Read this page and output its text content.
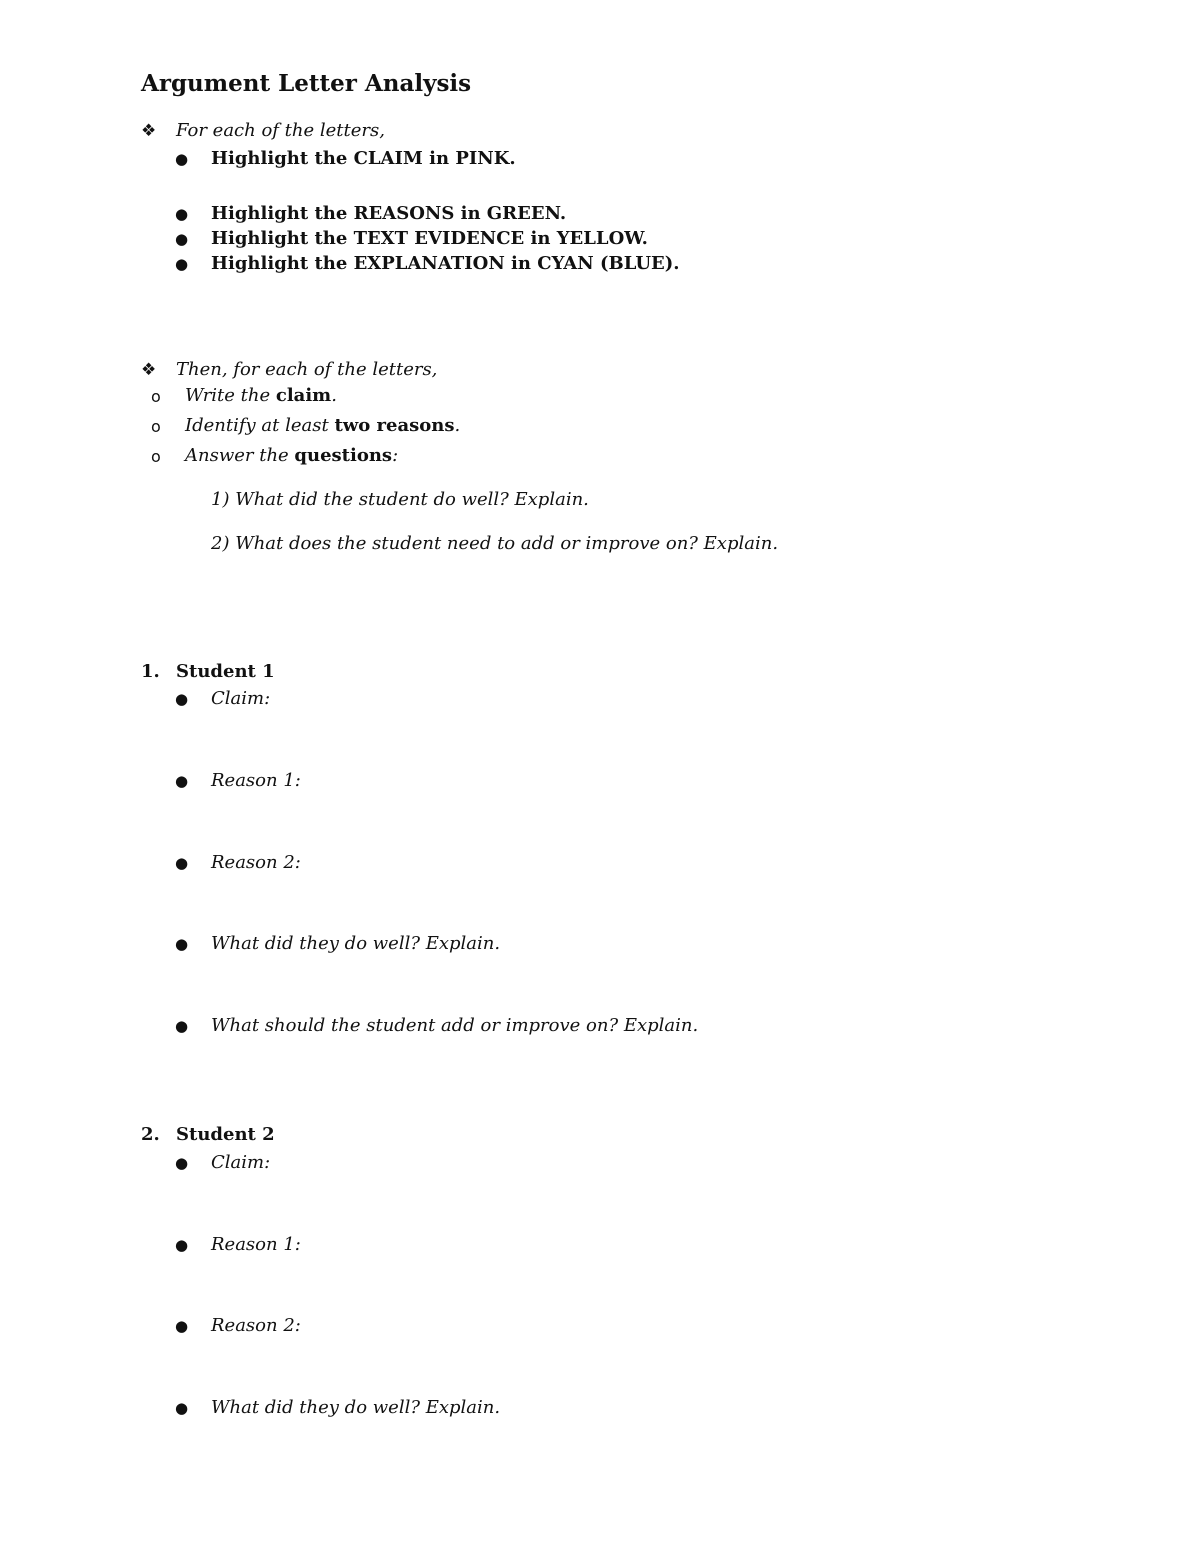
Argument Letter Analysis
❖ For each of the letters,
● Highlight the CLAIM in PINK.
● Highlight the REASONS in GREEN.
● Highlight the TEXT EVIDENCE in YELLOW.
● Highlight the EXPLANATION in CYAN (BLUE).
❖ Then, for each of the letters,
o Write the claim.
o Identify at least two reasons.
o Answer the questions:
1) What did the student do well? Explain.
2) What does the student need to add or improve on? Explain.
1. Student 1
● Claim:
● Reason 1:
● Reason 2:
● What did they do well? Explain.
● What should the student add or improve on? Explain.
2. Student 2
● Claim:
● Reason 1:
● Reason 2:
● What did they do well? Explain.
